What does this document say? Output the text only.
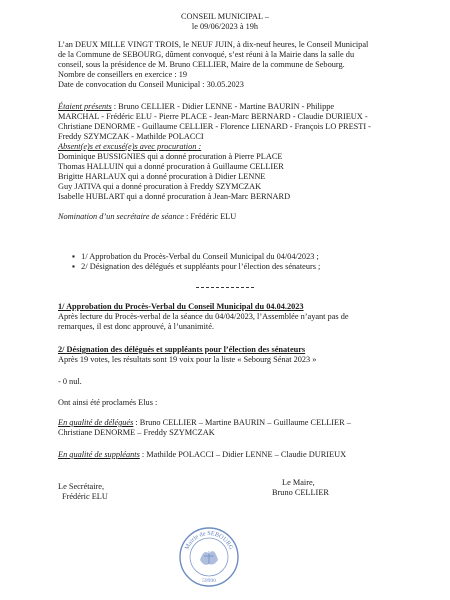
CONSEIL MUNICIPAL –
le 09/06/2023 à 19h
L’an DEUX MILLE VINGT TROIS, le NEUF JUIN, à dix-neuf heures, le Conseil Municipal
de la Commune de SEBOURG, dûment convoqué, s’est réuni à la Mairie dans la salle du
conseil, sous la présidence de M. Bruno CELLIER, Maire de la commune de Sebourg.
Nombre de conseillers en exercice : 19
Date de convocation du Conseil Municipal : 30.05.2023
Étaient présents : Bruno CELLIER - Didier LENNE - Martine BAURIN - Philippe
MARCHAL - Frédéric ELU - Pierre PLACE - Jean-Marc BERNARD - Claudie DURIEUX -
Christiane DENORME - Guillaume CELLIER - Florence LIENARD - François LO PRESTI -
Freddy SZYMCZAK - Mathilde POLACCI
Absent(e)s et excusé(e)s avec procuration :
Dominique BUSSIGNIES qui a donné procuration à Pierre PLACE
Thomas HALLUIN qui a donné procuration à Guillaume CELLIER
Brigitte HARLAUX qui a donné procuration à Didier LENNE
Guy JATIVA qui a donné procuration à Freddy SZYMCZAK
Isabelle HUBLART qui a donné procuration à Jean-Marc BERNARD
Nomination d’un secrétaire de séance : Frédéric ELU
▪   1/ Approbation du Procès-Verbal du Conseil Municipal du 04/04/2023 ;
▪   2/ Désignation des délégués et suppléants pour l’élection des sénateurs ;
1/ Approbation du Procès-Verbal du Conseil Municipal du 04.04.2023
Après lecture du Procès-verbal de la séance du 04/04/2023, l’Assemblée n’ayant pas de
remarques, il est donc approuvé, à l’unanimité.
2/ Désignation des délégués et suppléants pour l’élection des sénateurs
Après 19 votes, les résultats sont 19 voix pour la liste « Sebourg Sénat 2023 »
- 0 nul.
Ont ainsi été proclamés Elus :
En qualité de délégués : Bruno CELLIER – Martine BAURIN – Guillaume CELLIER –
Christiane DENORME – Freddy SZYMCZAK
En qualité de suppléants : Mathilde POLACCI – Didier LENNE – Claudie DURIEUX
Le Secrétaire,
Frédéric ELU
Le Maire,
Bruno CELLIER
Mairie de SEBOURG
59990
